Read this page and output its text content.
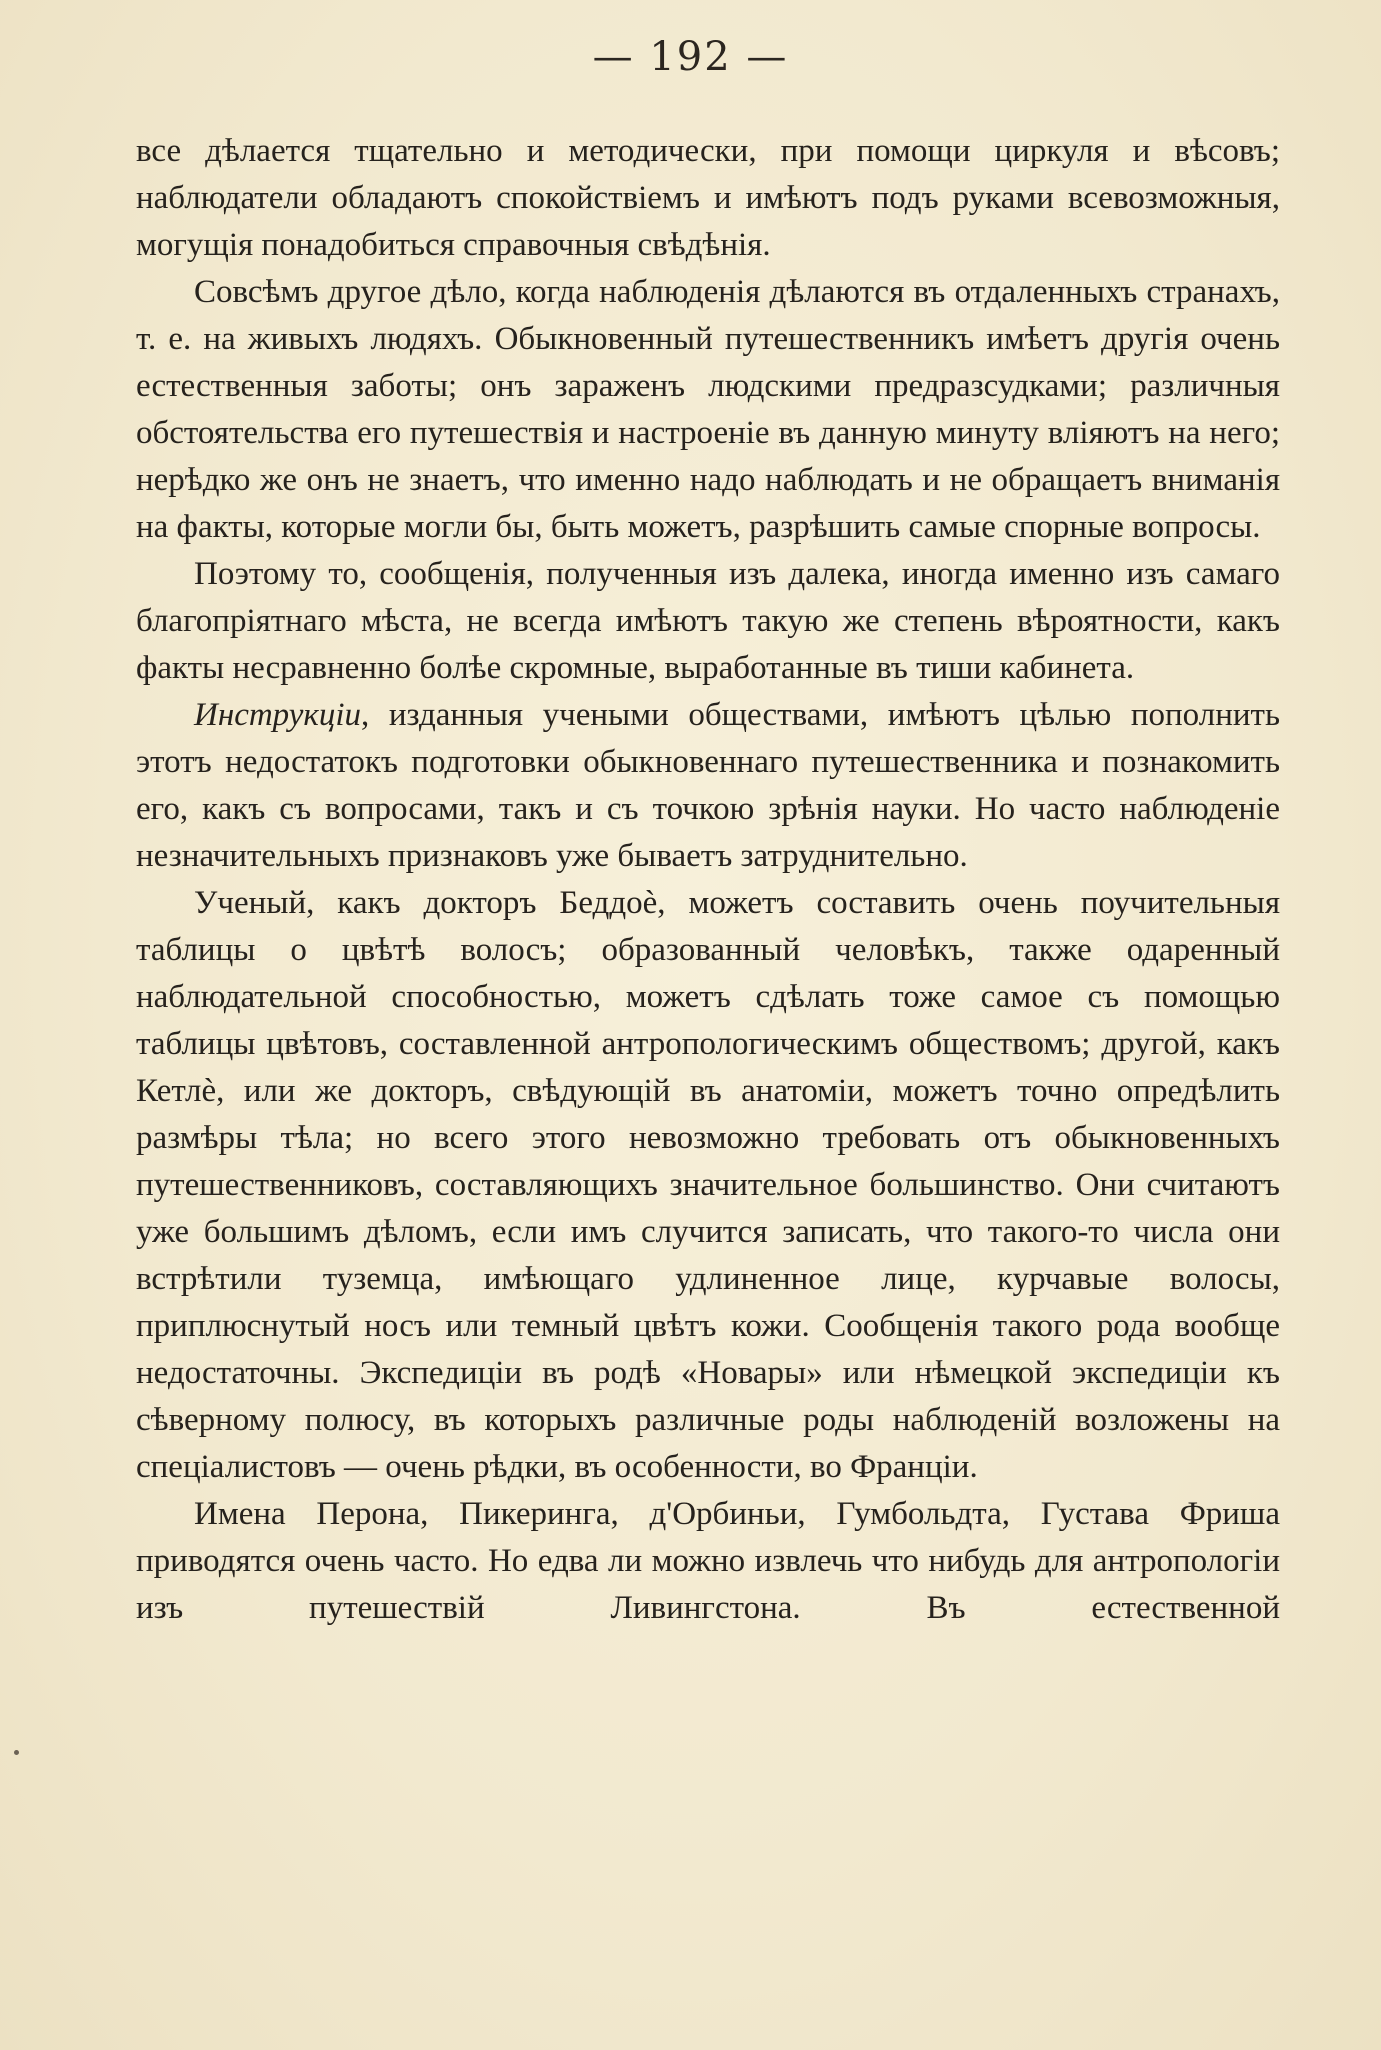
— 192 —

все дѣлается тщательно и методически, при помощи циркуля и вѣсовъ; наблюдатели обладаютъ спокойствіемъ и имѣютъ подъ руками всевозможныя, могущія понадобиться справочныя свѣдѣнія.

Совсѣмъ другое дѣло, когда наблюденія дѣлаются въ отдаленныхъ странахъ, т. е. на живыхъ людяхъ. Обыкновенный путешественникъ имѣетъ другія очень естественныя заботы; онъ зараженъ людскими предразсудками; различныя обстоятельства его путешествія и настроеніе въ данную минуту вліяютъ на него; нерѣдко же онъ не знаетъ, что именно надо наблюдать и не обращаетъ вниманія на факты, которые могли бы, быть можетъ, разрѣшить самые спорные вопросы.

Поэтому то, сообщенія, полученныя изъ далека, иногда именно изъ самаго благопріятнаго мѣста, не всегда имѣютъ такую же степень вѣроятности, какъ факты несравненно болѣе скромные, выработанные въ тиши кабинета.

Инструкціи, изданныя учеными обществами, имѣютъ цѣлью пополнить этотъ недостатокъ подготовки обыкновеннаго путешественника и познакомить его, какъ съ вопросами, такъ и съ точкою зрѣнія науки. Но часто наблюденіе незначительныхъ признаковъ уже бываетъ затруднительно.

Ученый, какъ докторъ Беддоè, можетъ составить очень поучительныя таблицы о цвѣтѣ волосъ; образованный человѣкъ, также одаренный наблюдательной способностью, можетъ сдѣлать тоже самое съ помощью таблицы цвѣтовъ, составленной антропологическимъ обществомъ; другой, какъ Кетлè, или же докторъ, свѣдующій въ анатоміи, можетъ точно опредѣлить размѣры тѣла; но всего этого невозможно требовать отъ обыкновенныхъ путешественниковъ, составляющихъ значительное большинство. Они считаютъ уже большимъ дѣломъ, если имъ случится записать, что такого-то числа они встрѣтили туземца, имѣющаго удлиненное лице, курчавые волосы, приплюснутый носъ или темный цвѣтъ кожи. Сообщенія такого рода вообще недостаточны. Экспедиціи въ родѣ «Новары» или нѣмецкой экспедиціи къ сѣверному полюсу, въ которыхъ различные роды наблюденій возложены на спеціалистовъ — очень рѣдки, въ особенности, во Франціи.

Имена Перона, Пикеринга, д'Орбиньи, Гумбольдта, Густава Фриша приводятся очень часто. Но едва ли можно извлечь что нибудь для антропологіи изъ путешествій Ливингстона. Въ естественной
